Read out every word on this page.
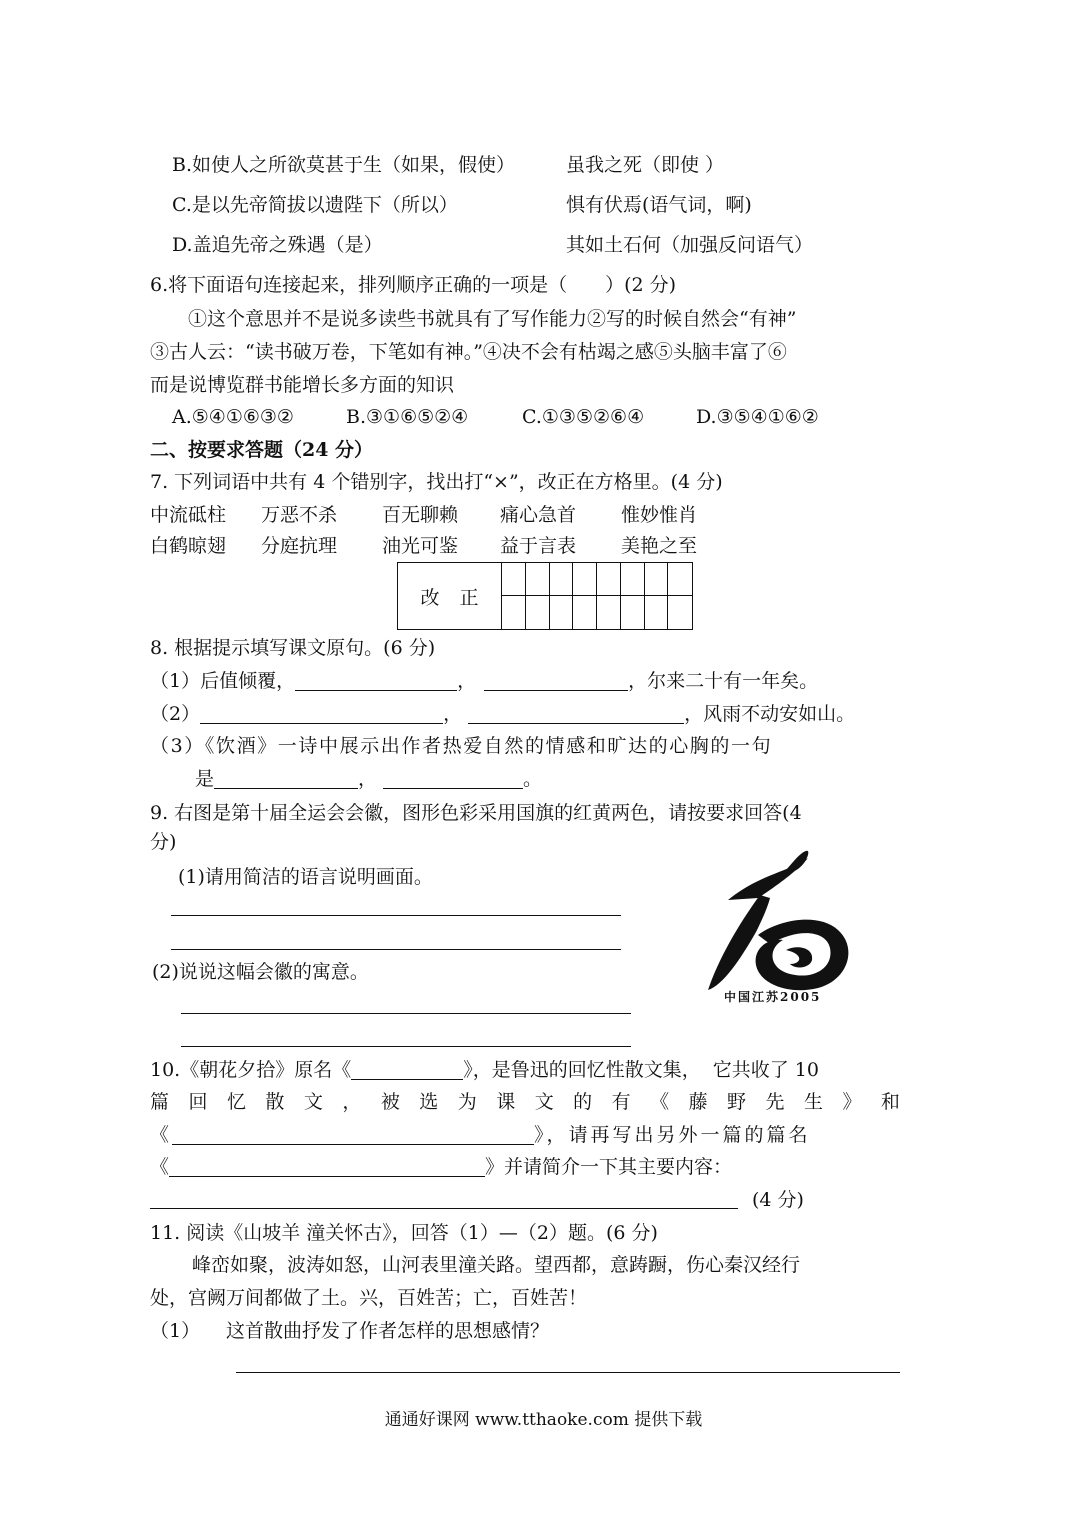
B.如使人之所欲莫甚于生（如果，假使）	虽我之死（即使 ）
C.是以先帝简拔以遗陛下（所以）	惧有伏焉(语气词，啊)
D.盖追先帝之殊遇（是）	其如土石何（加强反问语气）
6.将下面语句连接起来，排列顺序正确的一项是（　　）(2 分)
①这个意思并不是说多读些书就具有了写作能力②写的时候自然会“有神”
③古人云：“读书破万卷，下笔如有神。”④决不会有枯竭之感⑤头脑丰富了⑥
而是说博览群书能增长多方面的知识
A.⑤④①⑥③②	B.③①⑥⑤②④	C.①③⑤②⑥④	D.③⑤④①⑥②
二、按要求答题（24 分）
7. 下列词语中共有 4 个错别字，找出打“×”，改正在方格里。(4 分)
中流砥柱 万恶不杀 百无聊赖 痛心急首 惟妙惟肖
白鹤晾翅 分庭抗理 油光可鉴 益于言表 美艳之至
改正
8. 根据提示填写课文原句。(6 分)
（1）后值倾覆，	，	，尔来二十有一年矣。
（2）	，	，风雨不动安如山。
（3）《饮酒》一诗中展示出作者热爱自然的情感和旷达的心胸的一句
是	，	。
9. 右图是第十届全运会会徽，图形色彩采用国旗的红黄两色，请按要求回答(4
分)
(1)请用简洁的语言说明画面。
(2)说说这幅会徽的寓意。
中国江苏2005
10.《朝花夕拾》原名《	》，是鲁迅的回忆性散文集， 它共收了 10
篇 回 忆 散 文 ， 被 选 为 课 文 的 有 《 藤 野 先 生 》 和
《	》，请再写出另外一篇的篇名
《	》并请简介一下其主要内容：
(4 分)
11. 阅读《山坡羊 潼关怀古》，回答（1）—（2）题。(6 分)
峰峦如聚，波涛如怒，山河表里潼关路。望西都，意踌蹰，伤心秦汉经行
处，宫阙万间都做了土。兴，百姓苦；亡，百姓苦！
（1） 这首散曲抒发了作者怎样的思想感情？
通通好课网 www.tthaoke.com 提供下载
